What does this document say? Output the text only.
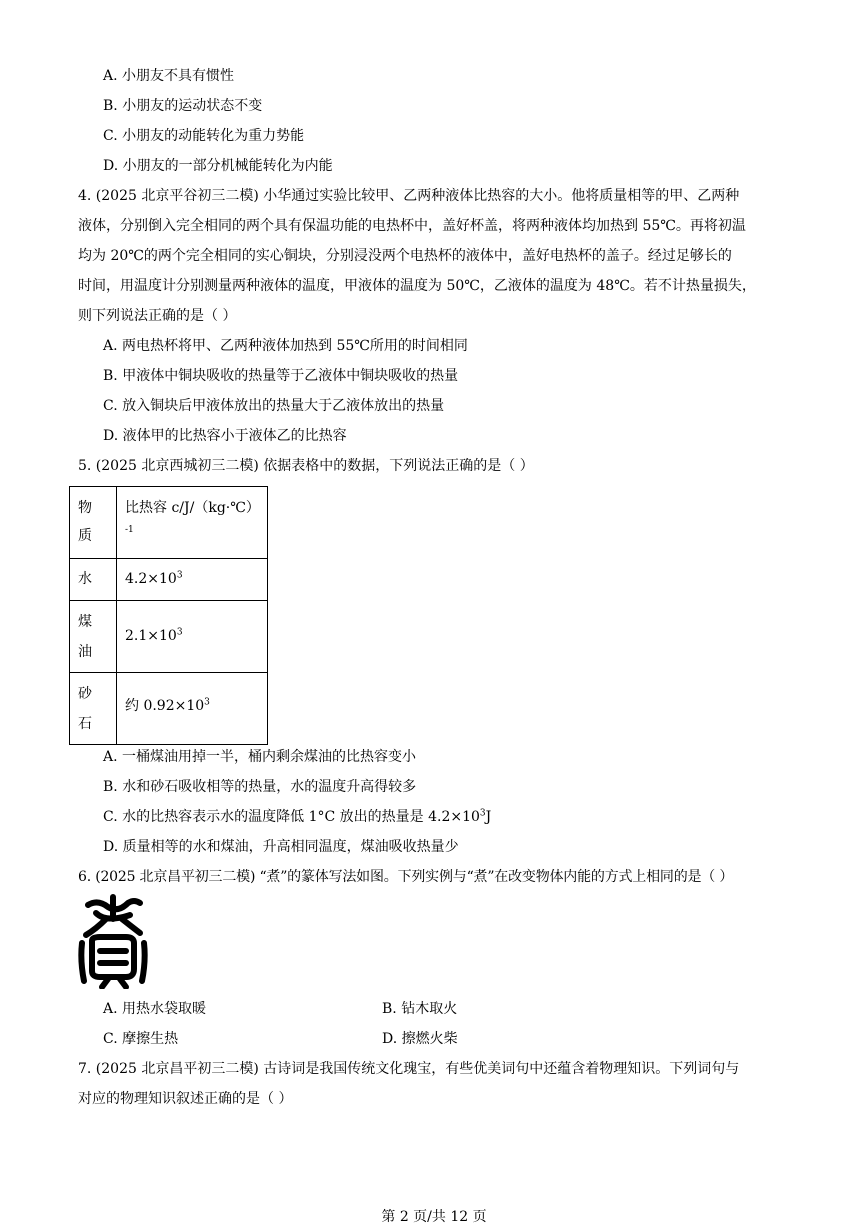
A. 小朋友不具有惯性
B. 小朋友的运动状态不变
C. 小朋友的动能转化为重力势能
D. 小朋友的一部分机械能转化为内能
4. (2025 北京平谷初三二模) 小华通过实验比较甲、乙两种液体比热容的大小。他将质量相等的甲、乙两种
液体，分别倒入完全相同的两个具有保温功能的电热杯中，盖好杯盖，将两种液体均加热到 55℃。再将初温
均为 20℃的两个完全相同的实心铜块，分别浸没两个电热杯的液体中，盖好电热杯的盖子。经过足够长的
时间，用温度计分别测量两种液体的温度，甲液体的温度为 50℃，乙液体的温度为 48℃。若不计热量损失，
则下列说法正确的是（ ）
A. 两电热杯将甲、乙两种液体加热到 55℃所用的时间相同
B. 甲液体中铜块吸收的热量等于乙液体中铜块吸收的热量
C. 放入铜块后甲液体放出的热量大于乙液体放出的热量
D. 液体甲的比热容小于液体乙的比热容
5. (2025 北京西城初三二模) 依据表格中的数据，下列说法正确的是（ ）
物
质	比热容 c/J/（kg·℃）
-1

水	$4.2\times 10^3$

煤
油	$2.1\times 10^3$

砂
石	约 $0.92\times 10^3$
A. 一桶煤油用掉一半，桶内剩余煤油的比热容变小
B. 水和砂石吸收相等的热量，水的温度升高得较多
C. 水的比热容表示水的温度降低 1°C 放出的热量是 $4.2\times 10^3J$
D. 质量相等的水和煤油，升高相同温度，煤油吸收热量少
6. (2025 北京昌平初三二模) “煮”的篆体写法如图。下列实例与“煮”在改变物体内能的方式上相同的是（ ）
A. 用热水袋取暖	B. 钻木取火
C. 摩擦生热	D. 擦燃火柴
7. (2025 北京昌平初三二模) 古诗词是我国传统文化瑰宝，有些优美词句中还蕴含着物理知识。下列词句与
对应的物理知识叙述正确的是（ ）
第 2 页/共 12 页
